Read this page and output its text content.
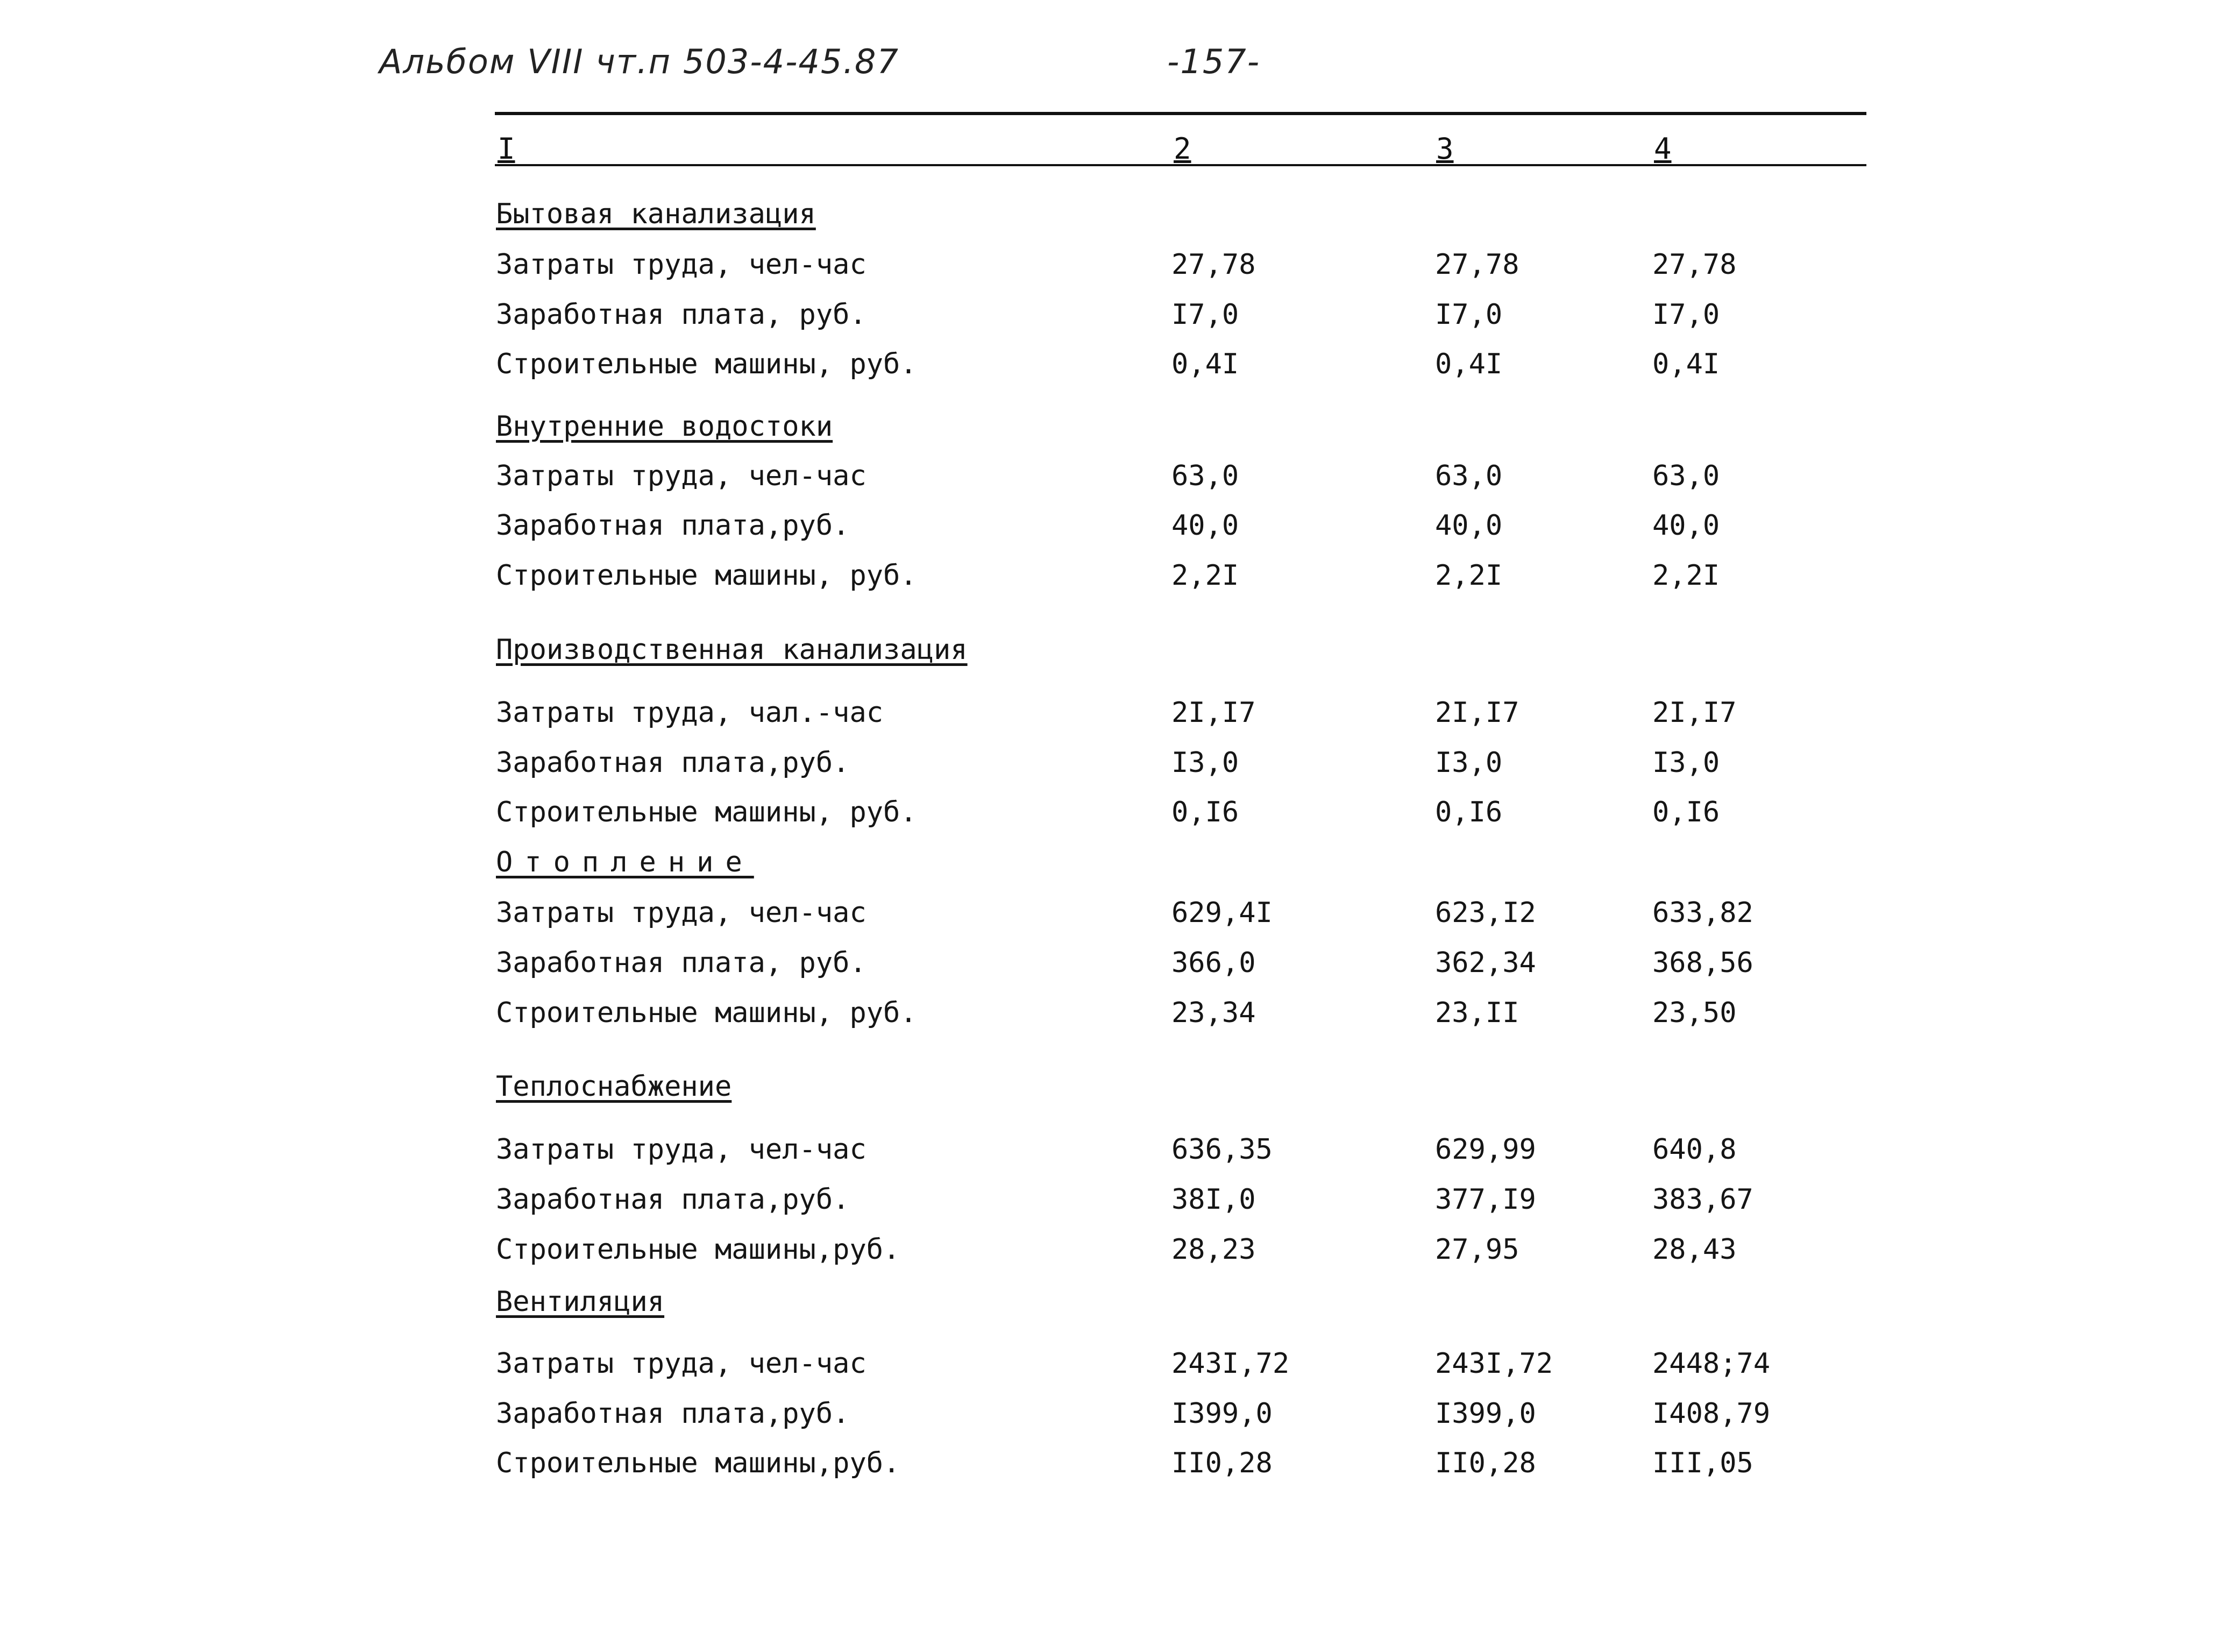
Альбом VIII чт.п 503-4-45.87	-157-
I	2	3	4
Бытовая канализация
Затраты труда, чел-час	27,78	27,78	27,78
Заработная плата, руб.	I7,0	I7,0	I7,0
Строительные машины, руб.	0,4I	0,4I	0,4I
Внутренние водостоки
Затраты труда, чел-час	63,0	63,0	63,0
Заработная плата,руб.	40,0	40,0	40,0
Строительные машины, руб.	2,2I	2,2I	2,2I
Производственная канализация
Затраты труда, чал.-час	2I,I7	2I,I7	2I,I7
Заработная плата,руб.	I3,0	I3,0	I3,0
Строительные машины, руб.	0,I6	0,I6	0,I6
Отопление
Затраты труда, чел-час	629,4I	623,I2	633,82
Заработная плата, руб.	366,0	362,34	368,56
Строительные машины, руб.	23,34	23,II	23,50
Теплоснабжение
Затраты труда, чел-час	636,35	629,99	640,8
Заработная плата,руб.	38I,0	377,I9	383,67
Строительные машины,руб.	28,23	27,95	28,43
Вентиляция
Затраты труда, чел-час	243I,72	243I,72	2448;74
Заработная плата,руб.	I399,0	I399,0	I408,79
Строительные машины,руб.	II0,28	II0,28	III,05
